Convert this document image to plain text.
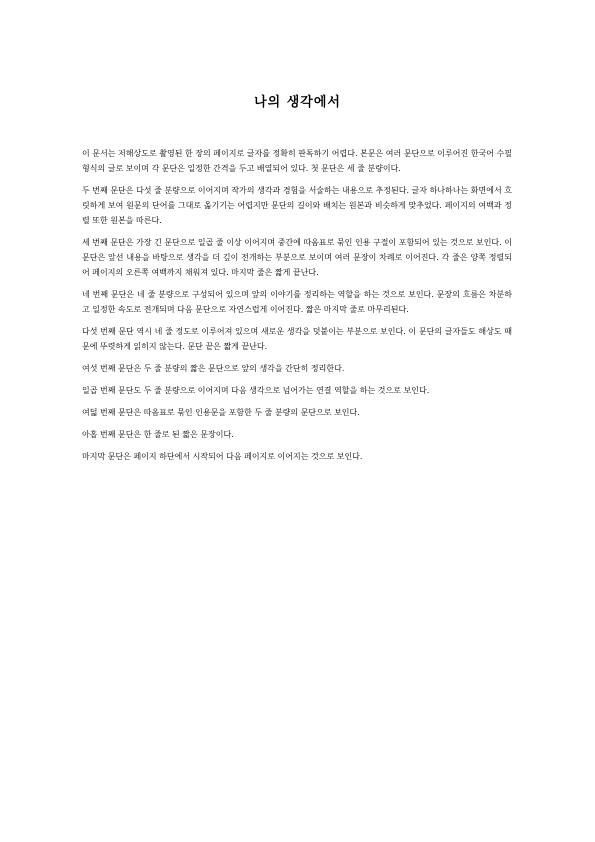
나의 생각에서

이 문서는 저해상도로 촬영된 한 장의 페이지로 글자를 정확히 판독하기 어렵다. 본문은 여러 문단으로 이루어진 한국어 수필 형식의 글로 보이며 각 문단은 일정한 간격을 두고 배열되어 있다. 첫 문단은 세 줄 분량이다.

두 번째 문단은 다섯 줄 분량으로 이어지며 작가의 생각과 경험을 서술하는 내용으로 추정된다. 글자 하나하나는 화면에서 흐릿하게 보여 원문의 단어를 그대로 옮기기는 어렵지만 문단의 길이와 배치는 원본과 비슷하게 맞추었다. 페이지의 여백과 정렬 또한 원본을 따른다.

세 번째 문단은 가장 긴 문단으로 일곱 줄 이상 이어지며 중간에 따옴표로 묶인 인용 구절이 포함되어 있는 것으로 보인다. 이 문단은 앞선 내용을 바탕으로 생각을 더 깊이 전개하는 부분으로 보이며 여러 문장이 차례로 이어진다. 각 줄은 양쪽 정렬되어 페이지의 오른쪽 여백까지 채워져 있다. 마지막 줄은 짧게 끝난다.

네 번째 문단은 네 줄 분량으로 구성되어 있으며 앞의 이야기를 정리하는 역할을 하는 것으로 보인다. 문장의 흐름은 차분하고 일정한 속도로 전개되며 다음 문단으로 자연스럽게 이어진다. 짧은 마지막 줄로 마무리된다.

다섯 번째 문단 역시 네 줄 정도로 이루어져 있으며 새로운 생각을 덧붙이는 부분으로 보인다. 이 문단의 글자들도 해상도 때문에 뚜렷하게 읽히지 않는다. 문단 끝은 짧게 끝난다.

여섯 번째 문단은 두 줄 분량의 짧은 문단으로 앞의 생각을 간단히 정리한다.

일곱 번째 문단도 두 줄 분량으로 이어지며 다음 생각으로 넘어가는 연결 역할을 하는 것으로 보인다.

여덟 번째 문단은 따옴표로 묶인 인용문을 포함한 두 줄 분량의 문단으로 보인다.

아홉 번째 문단은 한 줄로 된 짧은 문장이다.

마지막 문단은 페이지 하단에서 시작되어 다음 페이지로 이어지는 것으로 보인다.
